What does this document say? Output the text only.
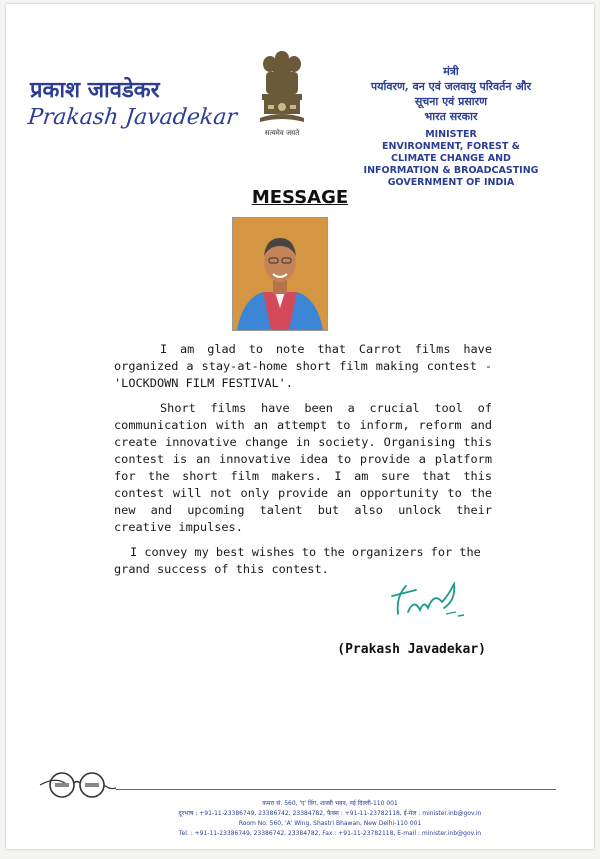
प्रकाश जावडेकर
Prakash Javadekar
सत्यमेव जयते
मंत्री
पर्यावरण, वन एवं जलवायु परिवर्तन और
सूचना एवं प्रसारण
भारत सरकार
MINISTER
ENVIRONMENT, FOREST &
CLIMATE CHANGE AND
INFORMATION & BROADCASTING
GOVERNMENT OF INDIA
MESSAGE

I am glad to note that Carrot films have organized a stay-at-home short film making contest - 'LOCKDOWN FILM FESTIVAL'.

Short films have been a crucial tool of communication with an attempt to inform, reform and create innovative change in society. Organising this contest is an innovative idea to provide a platform for the short film makers. I am sure that this contest will not only provide an opportunity to the new and upcoming talent but also unlock their creative impulses.

I convey my best wishes to the organizers for the grand success of this contest.

(Prakash Javadekar)
कमरा सं. 560, 'ए' विंग, शास्त्री भवन, नई दिल्ली-110 001
दूरभाष : +91-11-23386749, 23386742, 23384782, फैक्स : +91-11-23782118, ई-मेल : minister.inb@gov.in
Room No. 560, 'A' Wing, Shastri Bhawan, New Delhi-110 001
Tel. : +91-11-23386749, 23386742, 23384782, Fax : +91-11-23782118, E-mail : minister.inb@gov.in
